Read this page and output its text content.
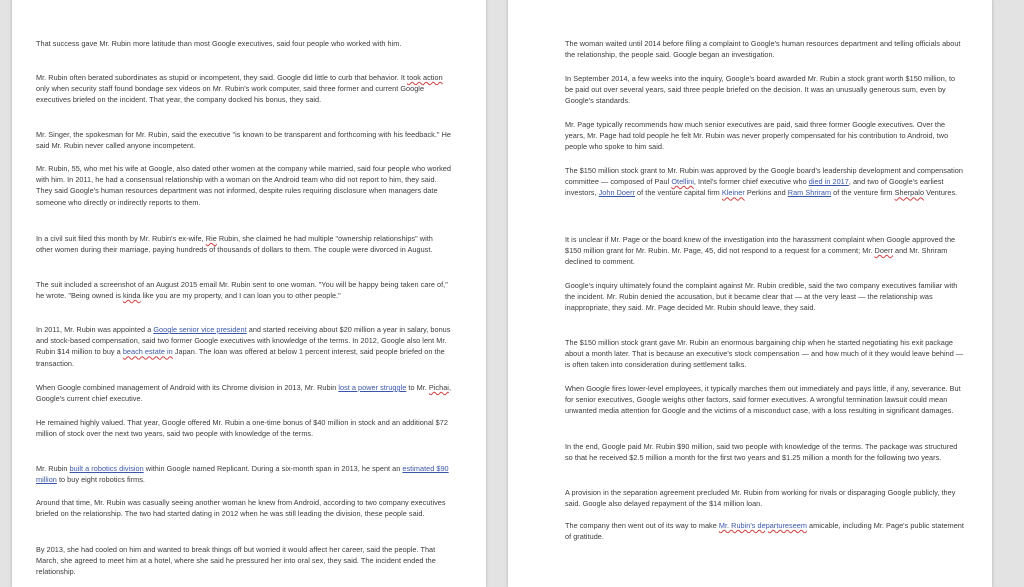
That success gave Mr. Rubin more latitude than most Google executives, said four people who worked with him.

Mr. Rubin often berated subordinates as stupid or incompetent, they said. Google did little to curb that behavior. It took action only when security staff found bondage sex videos on Mr. Rubin's work computer, said three former and current Google executives briefed on the incident. That year, the company docked his bonus, they said.

Mr. Singer, the spokesman for Mr. Rubin, said the executive "is known to be transparent and forthcoming with his feedback." He said Mr. Rubin never called anyone incompetent.

Mr. Rubin, 55, who met his wife at Google, also dated other women at the company while married, said four people who worked with him. In 2011, he had a consensual relationship with a woman on the Android team who did not report to him, they said. They said Google's human resources department was not informed, despite rules requiring disclosure when managers date someone who directly or indirectly reports to them.

In a civil suit filed this month by Mr. Rubin's ex-wife, Rie Rubin, she claimed he had multiple "ownership relationships" with other women during their marriage, paying hundreds of thousands of dollars to them. The couple were divorced in August.

The suit included a screenshot of an August 2015 email Mr. Rubin sent to one woman. "You will be happy being taken care of," he wrote. "Being owned is kinda like you are my property, and I can loan you to other people."

In 2011, Mr. Rubin was appointed a Google senior vice president and started receiving about $20 million a year in salary, bonus and stock-based compensation, said two former Google executives with knowledge of the terms. In 2012, Google also lent Mr. Rubin $14 million to buy a beach estate in Japan. The loan was offered at below 1 percent interest, said people briefed on the transaction.

When Google combined management of Android with its Chrome division in 2013, Mr. Rubin lost a power struggle to Mr. Pichai, Google's current chief executive.

He remained highly valued. That year, Google offered Mr. Rubin a one-time bonus of $40 million in stock and an additional $72 million of stock over the next two years, said two people with knowledge of the terms.

Mr. Rubin built a robotics division within Google named Replicant. During a six-month span in 2013, he spent an estimated $90 million to buy eight robotics firms.

Around that time, Mr. Rubin was casually seeing another woman he knew from Android, according to two company executives briefed on the relationship. The two had started dating in 2012 when he was still leading the division, these people said.

By 2013, she had cooled on him and wanted to break things off but worried it would affect her career, said the people. That March, she agreed to meet him at a hotel, where she said he pressured her into oral sex, they said. The incident ended the relationship.

The woman waited until 2014 before filing a complaint to Google's human resources department and telling officials about the relationship, the people said. Google began an investigation.

In September 2014, a few weeks into the inquiry, Google's board awarded Mr. Rubin a stock grant worth $150 million, to be paid out over several years, said three people briefed on the decision. It was an unusually generous sum, even by Google's standards.

Mr. Page typically recommends how much senior executives are paid, said three former Google executives. Over the years, Mr. Page had told people he felt Mr. Rubin was never properly compensated for his contribution to Android, two people who spoke to him said.

The $150 million stock grant to Mr. Rubin was approved by the Google board's leadership development and compensation committee — composed of Paul Otellini, Intel's former chief executive who died in 2017, and two of Google's earliest investors, John Doerr of the venture capital firm Kleiner Perkins and Ram Shriram of the venture firm Sherpalo Ventures.

It is unclear if Mr. Page or the board knew of the investigation into the harassment complaint when Google approved the $150 million grant for Mr. Rubin. Mr. Page, 45, did not respond to a request for a comment; Mr. Doerr and Mr. Shriram declined to comment.

Google's inquiry ultimately found the complaint against Mr. Rubin credible, said the two company executives familiar with the incident. Mr. Rubin denied the accusation, but it became clear that — at the very least — the relationship was inappropriate, they said. Mr. Page decided Mr. Rubin should leave, they said.

The $150 million stock grant gave Mr. Rubin an enormous bargaining chip when he started negotiating his exit package about a month later. That is because an executive's stock compensation — and how much of it they would leave behind — is often taken into consideration during settlement talks.

When Google fires lower-level employees, it typically marches them out immediately and pays little, if any, severance. But for senior executives, Google weighs other factors, said former executives. A wrongful termination lawsuit could mean unwanted media attention for Google and the victims of a misconduct case, with a loss resulting in significant damages.

In the end, Google paid Mr. Rubin $90 million, said two people with knowledge of the terms. The package was structured so that he received $2.5 million a month for the first two years and $1.25 million a month for the following two years.

A provision in the separation agreement precluded Mr. Rubin from working for rivals or disparaging Google publicly, they said. Google also delayed repayment of the $14 million loan.

The company then went out of its way to make Mr. Rubin's departureseem amicable, including Mr. Page's public statement of gratitude.
